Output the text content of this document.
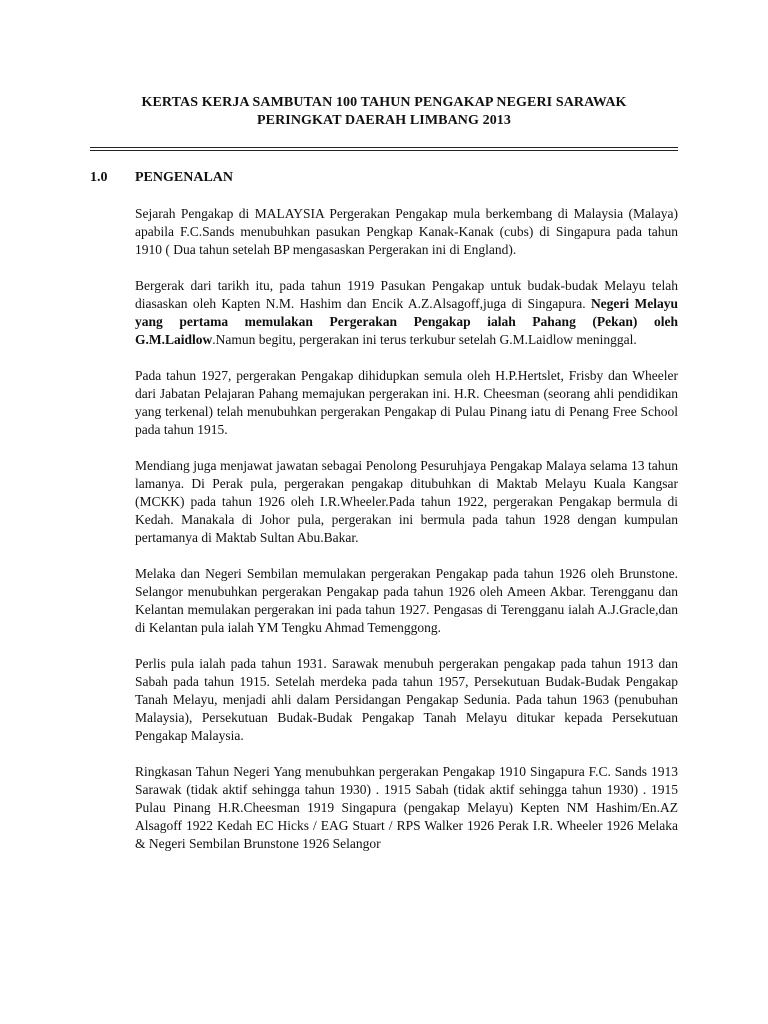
KERTAS KERJA SAMBUTAN 100 TAHUN PENGAKAP NEGERI SARAWAK
PERINGKAT DAERAH LIMBANG 2013
1.0 PENGENALAN

Sejarah Pengakap di MALAYSIA Pergerakan Pengakap mula berkembang di Malaysia (Malaya) apabila F.C.Sands menubuhkan pasukan Pengkap Kanak-Kanak (cubs) di Singapura pada tahun 1910 ( Dua tahun setelah BP mengasaskan Pergerakan ini di England).

Bergerak dari tarikh itu, pada tahun 1919 Pasukan Pengakap untuk budak-budak Melayu telah diasaskan oleh Kapten N.M. Hashim dan Encik A.Z.Alsagoff,juga di Singapura. Negeri Melayu yang pertama memulakan Pergerakan Pengakap ialah Pahang (Pekan) oleh G.M.Laidlow.Namun begitu, pergerakan ini terus terkubur setelah G.M.Laidlow meninggal.

Pada tahun 1927, pergerakan Pengakap dihidupkan semula oleh H.P.Hertslet, Frisby dan Wheeler dari Jabatan Pelajaran Pahang memajukan pergerakan ini. H.R. Cheesman (seorang ahli pendidikan yang terkenal) telah menubuhkan pergerakan Pengakap di Pulau Pinang iatu di Penang Free School pada tahun 1915.

Mendiang juga menjawat jawatan sebagai Penolong Pesuruhjaya Pengakap Malaya selama 13 tahun lamanya. Di Perak pula, pergerakan pengakap ditubuhkan di Maktab Melayu Kuala Kangsar (MCKK) pada tahun 1926 oleh I.R.Wheeler.Pada tahun 1922, pergerakan Pengakap bermula di Kedah. Manakala di Johor pula, pergerakan ini bermula pada tahun 1928 dengan kumpulan pertamanya di Maktab Sultan Abu.Bakar.

Melaka dan Negeri Sembilan memulakan pergerakan Pengakap pada tahun 1926 oleh Brunstone. Selangor menubuhkan pergerakan Pengakap pada tahun 1926 oleh Ameen Akbar. Terengganu dan Kelantan memulakan pergerakan ini pada tahun 1927. Pengasas di Terengganu ialah A.J.Gracle,dan di Kelantan pula ialah YM Tengku Ahmad Temenggong.

Perlis pula ialah pada tahun 1931. Sarawak menubuh pergerakan pengakap pada tahun 1913 dan Sabah pada tahun 1915. Setelah merdeka pada tahun 1957, Persekutuan Budak-Budak Pengakap Tanah Melayu, menjadi ahli dalam Persidangan Pengakap Sedunia. Pada tahun 1963 (penubuhan Malaysia), Persekutuan Budak-Budak Pengakap Tanah Melayu ditukar kepada Persekutuan Pengakap Malaysia.

Ringkasan Tahun Negeri Yang menubuhkan pergerakan Pengakap 1910 Singapura F.C. Sands 1913 Sarawak (tidak aktif sehingga tahun 1930) . 1915 Sabah (tidak aktif sehingga tahun 1930) . 1915 Pulau Pinang H.R.Cheesman 1919 Singapura (pengakap Melayu) Kepten NM Hashim/En.AZ Alsagoff 1922 Kedah EC Hicks / EAG Stuart / RPS Walker 1926 Perak I.R. Wheeler 1926 Melaka & Negeri Sembilan Brunstone 1926 Selangor
